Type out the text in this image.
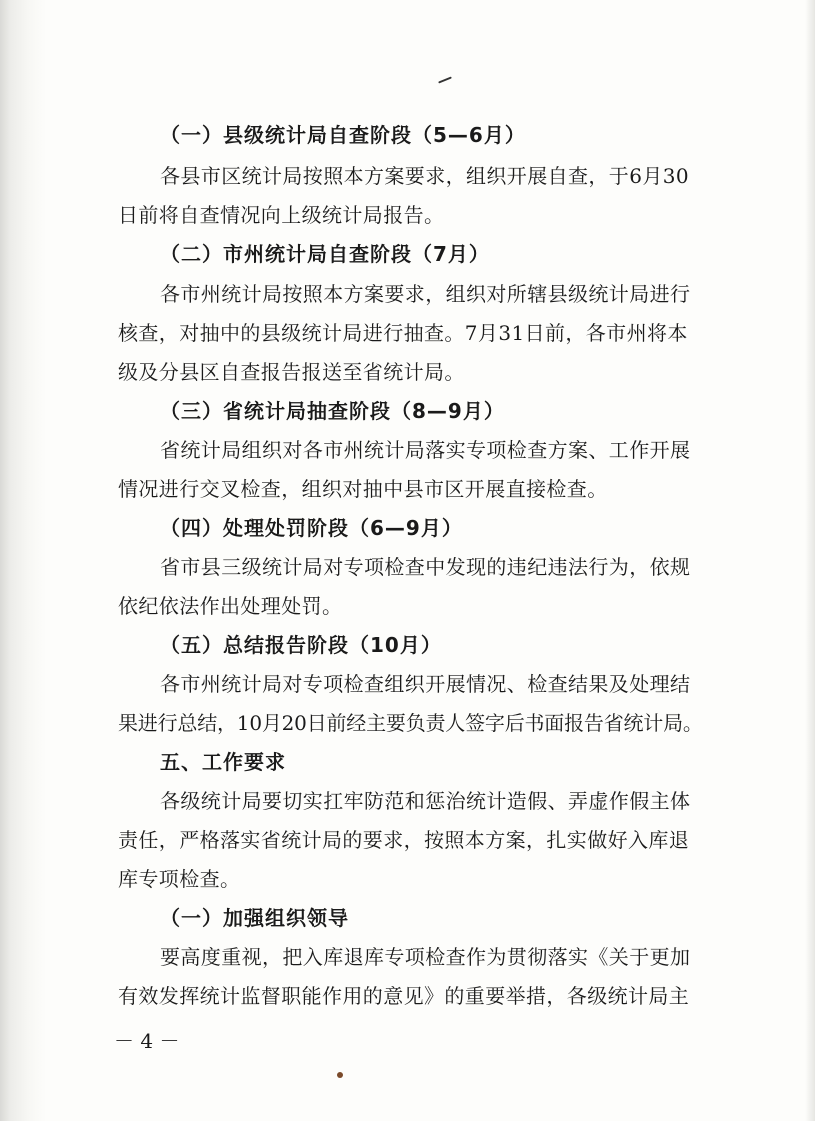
（一）县级统计局自查阶段（5—6月）
各县市区统计局按照本方案要求，组织开展自查，于6月30
日前将自查情况向上级统计局报告。
（二）市州统计局自查阶段（7月）
各市州统计局按照本方案要求，组织对所辖县级统计局进行
核查，对抽中的县级统计局进行抽查。7月31日前，各市州将本
级及分县区自查报告报送至省统计局。
（三）省统计局抽查阶段（8—9月）
省统计局组织对各市州统计局落实专项检查方案、工作开展
情况进行交叉检查，组织对抽中县市区开展直接检查。
（四）处理处罚阶段（6—9月）
省市县三级统计局对专项检查中发现的违纪违法行为，依规
依纪依法作出处理处罚。
（五）总结报告阶段（10月）
各市州统计局对专项检查组织开展情况、检查结果及处理结
果进行总结，10月20日前经主要负责人签字后书面报告省统计局。
五、工作要求
各级统计局要切实扛牢防范和惩治统计造假、弄虚作假主体
责任，严格落实省统计局的要求，按照本方案，扎实做好入库退
库专项检查。
（一）加强组织领导
要高度重视，把入库退库专项检查作为贯彻落实《关于更加
有效发挥统计监督职能作用的意见》的重要举措，各级统计局主
－ 4 －
